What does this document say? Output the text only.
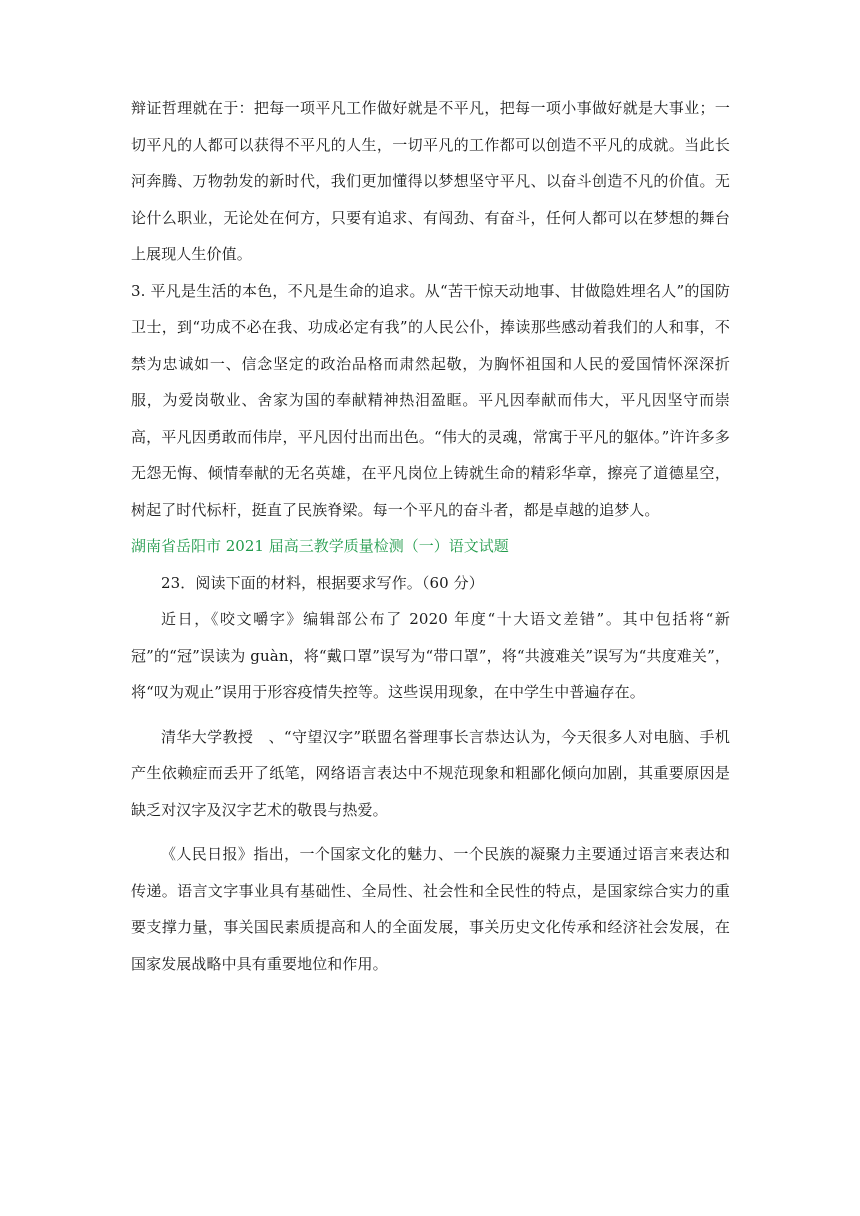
辩证哲理就在于：把每一项平凡工作做好就是不平凡，把每一项小事做好就是大事业；一切平凡的人都可以获得不平凡的人生，一切平凡的工作都可以创造不平凡的成就。当此长河奔腾、万物勃发的新时代，我们更加懂得以梦想坚守平凡、以奋斗创造不凡的价值。无论什么职业，无论处在何方，只要有追求、有闯劲、有奋斗，任何人都可以在梦想的舞台上展现人生价值。

3. 平凡是生活的本色，不凡是生命的追求。从“苦干惊天动地事、甘做隐姓埋名人”的国防卫士，到“功成不必在我、功成必定有我”的人民公仆，捧读那些感动着我们的人和事，不禁为忠诚如一、信念坚定的政治品格而肃然起敬，为胸怀祖国和人民的爱国情怀深深折服，为爱岗敬业、舍家为国的奉献精神热泪盈眶。平凡因奉献而伟大，平凡因坚守而崇高，平凡因勇敢而伟岸，平凡因付出而出色。“伟大的灵魂，常寓于平凡的躯体。”许许多多无怨无悔、倾情奉献的无名英雄，在平凡岗位上铸就生命的精彩华章，擦亮了道德星空，树起了时代标杆，挺直了民族脊梁。每一个平凡的奋斗者，都是卓越的追梦人。

湖南省岳阳市 2021 届高三教学质量检测（一）语文试题

23．阅读下面的材料，根据要求写作。（60 分）

近日，《咬文嚼字》编辑部公布了 2020 年度“十大语文差错”。其中包括将“新冠”的“冠”误读为 guàn，将“戴口罩”误写为“带口罩”，将“共渡难关”误写为“共度难关”，将“叹为观止”误用于形容疫情失控等。这些误用现象，在中学生中普遍存在。

清华大学教授　、“守望汉字”联盟名誉理事长言恭达认为，今天很多人对电脑、手机产生依赖症而丢开了纸笔，网络语言表达中不规范现象和粗鄙化倾向加剧，其重要原因是缺乏对汉字及汉字艺术的敬畏与热爱。

《人民日报》指出，一个国家文化的魅力、一个民族的凝聚力主要通过语言来表达和传递。语言文字事业具有基础性、全局性、社会性和全民性的特点，是国家综合实力的重要支撑力量，事关国民素质提高和人的全面发展，事关历史文化传承和经济社会发展，在国家发展战略中具有重要地位和作用。
